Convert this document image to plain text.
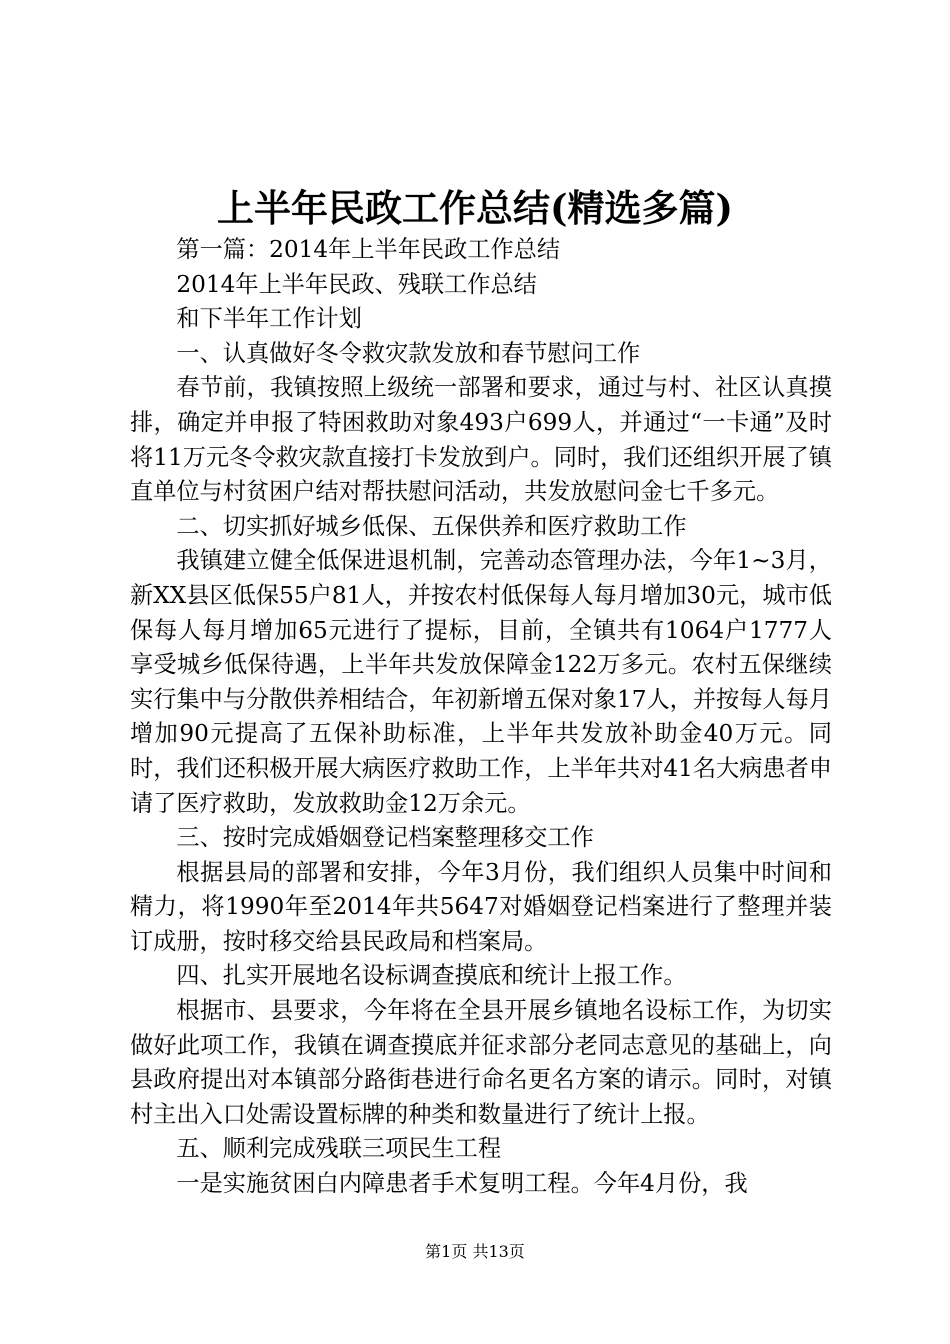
上半年民政工作总结(精选多篇)

第一篇：2014年上半年民政工作总结

2014年上半年民政、残联工作总结

和下半年工作计划

一、认真做好冬令救灾款发放和春节慰问工作

春节前，我镇按照上级统一部署和要求，通过与村、社区认真摸排，确定并申报了特困救助对象493户699人，并通过“一卡通”及时将11万元冬令救灾款直接打卡发放到户。同时，我们还组织开展了镇直单位与村贫困户结对帮扶慰问活动，共发放慰问金七千多元。

二、切实抓好城乡低保、五保供养和医疗救助工作

我镇建立健全低保进退机制，完善动态管理办法，今年1~3月，新XX县区低保55户81人，并按农村低保每人每月增加30元，城市低保每人每月增加65元进行了提标，目前，全镇共有1064户1777人享受城乡低保待遇，上半年共发放保障金122万多元。农村五保继续实行集中与分散供养相结合，年初新增五保对象17人，并按每人每月增加90元提高了五保补助标准，上半年共发放补助金40万元。同时，我们还积极开展大病医疗救助工作，上半年共对41名大病患者申请了医疗救助，发放救助金12万余元。

三、按时完成婚姻登记档案整理移交工作

根据县局的部署和安排，今年3月份，我们组织人员集中时间和精力，将1990年至2014年共5647对婚姻登记档案进行了整理并装订成册，按时移交给县民政局和档案局。

四、扎实开展地名设标调查摸底和统计上报工作。

根据市、县要求，今年将在全县开展乡镇地名设标工作，为切实做好此项工作，我镇在调查摸底并征求部分老同志意见的基础上，向县政府提出对本镇部分路街巷进行命名更名方案的请示。同时，对镇村主出入口处需设置标牌的种类和数量进行了统计上报。

五、顺利完成残联三项民生工程

一是实施贫困白内障患者手术复明工程。今年4月份，我

第1页 共13页
